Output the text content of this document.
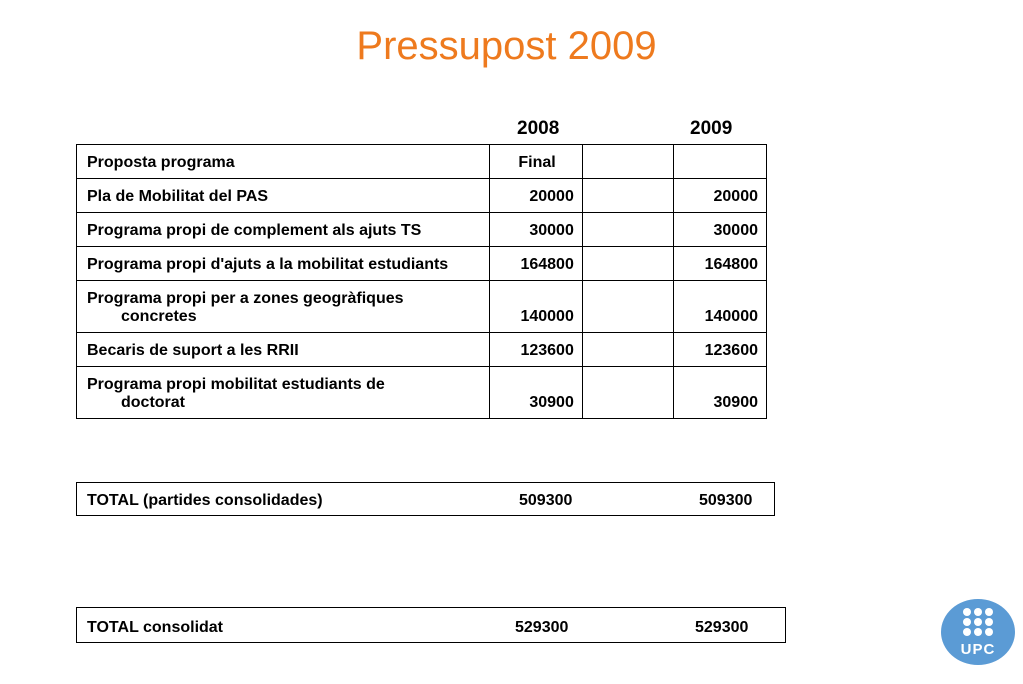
Pressupost 2009
2008	2009
Proposta programa	Final		
Pla de Mobilitat del PAS	20000		20000
Programa propi de complement als ajuts TS	30000		30000
Programa propi d'ajuts a la mobilitat estudiants	164800		164800

Programa propi per a zones geogràfiques
concretes	140000		140000
Becaris de suport a les RRII	123600		123600

Programa propi mobilitat estudiants de
doctorat	30900		30900
TOTAL (partides consolidades)	509300	509300
TOTAL consolidat	529300	529300
UPC
